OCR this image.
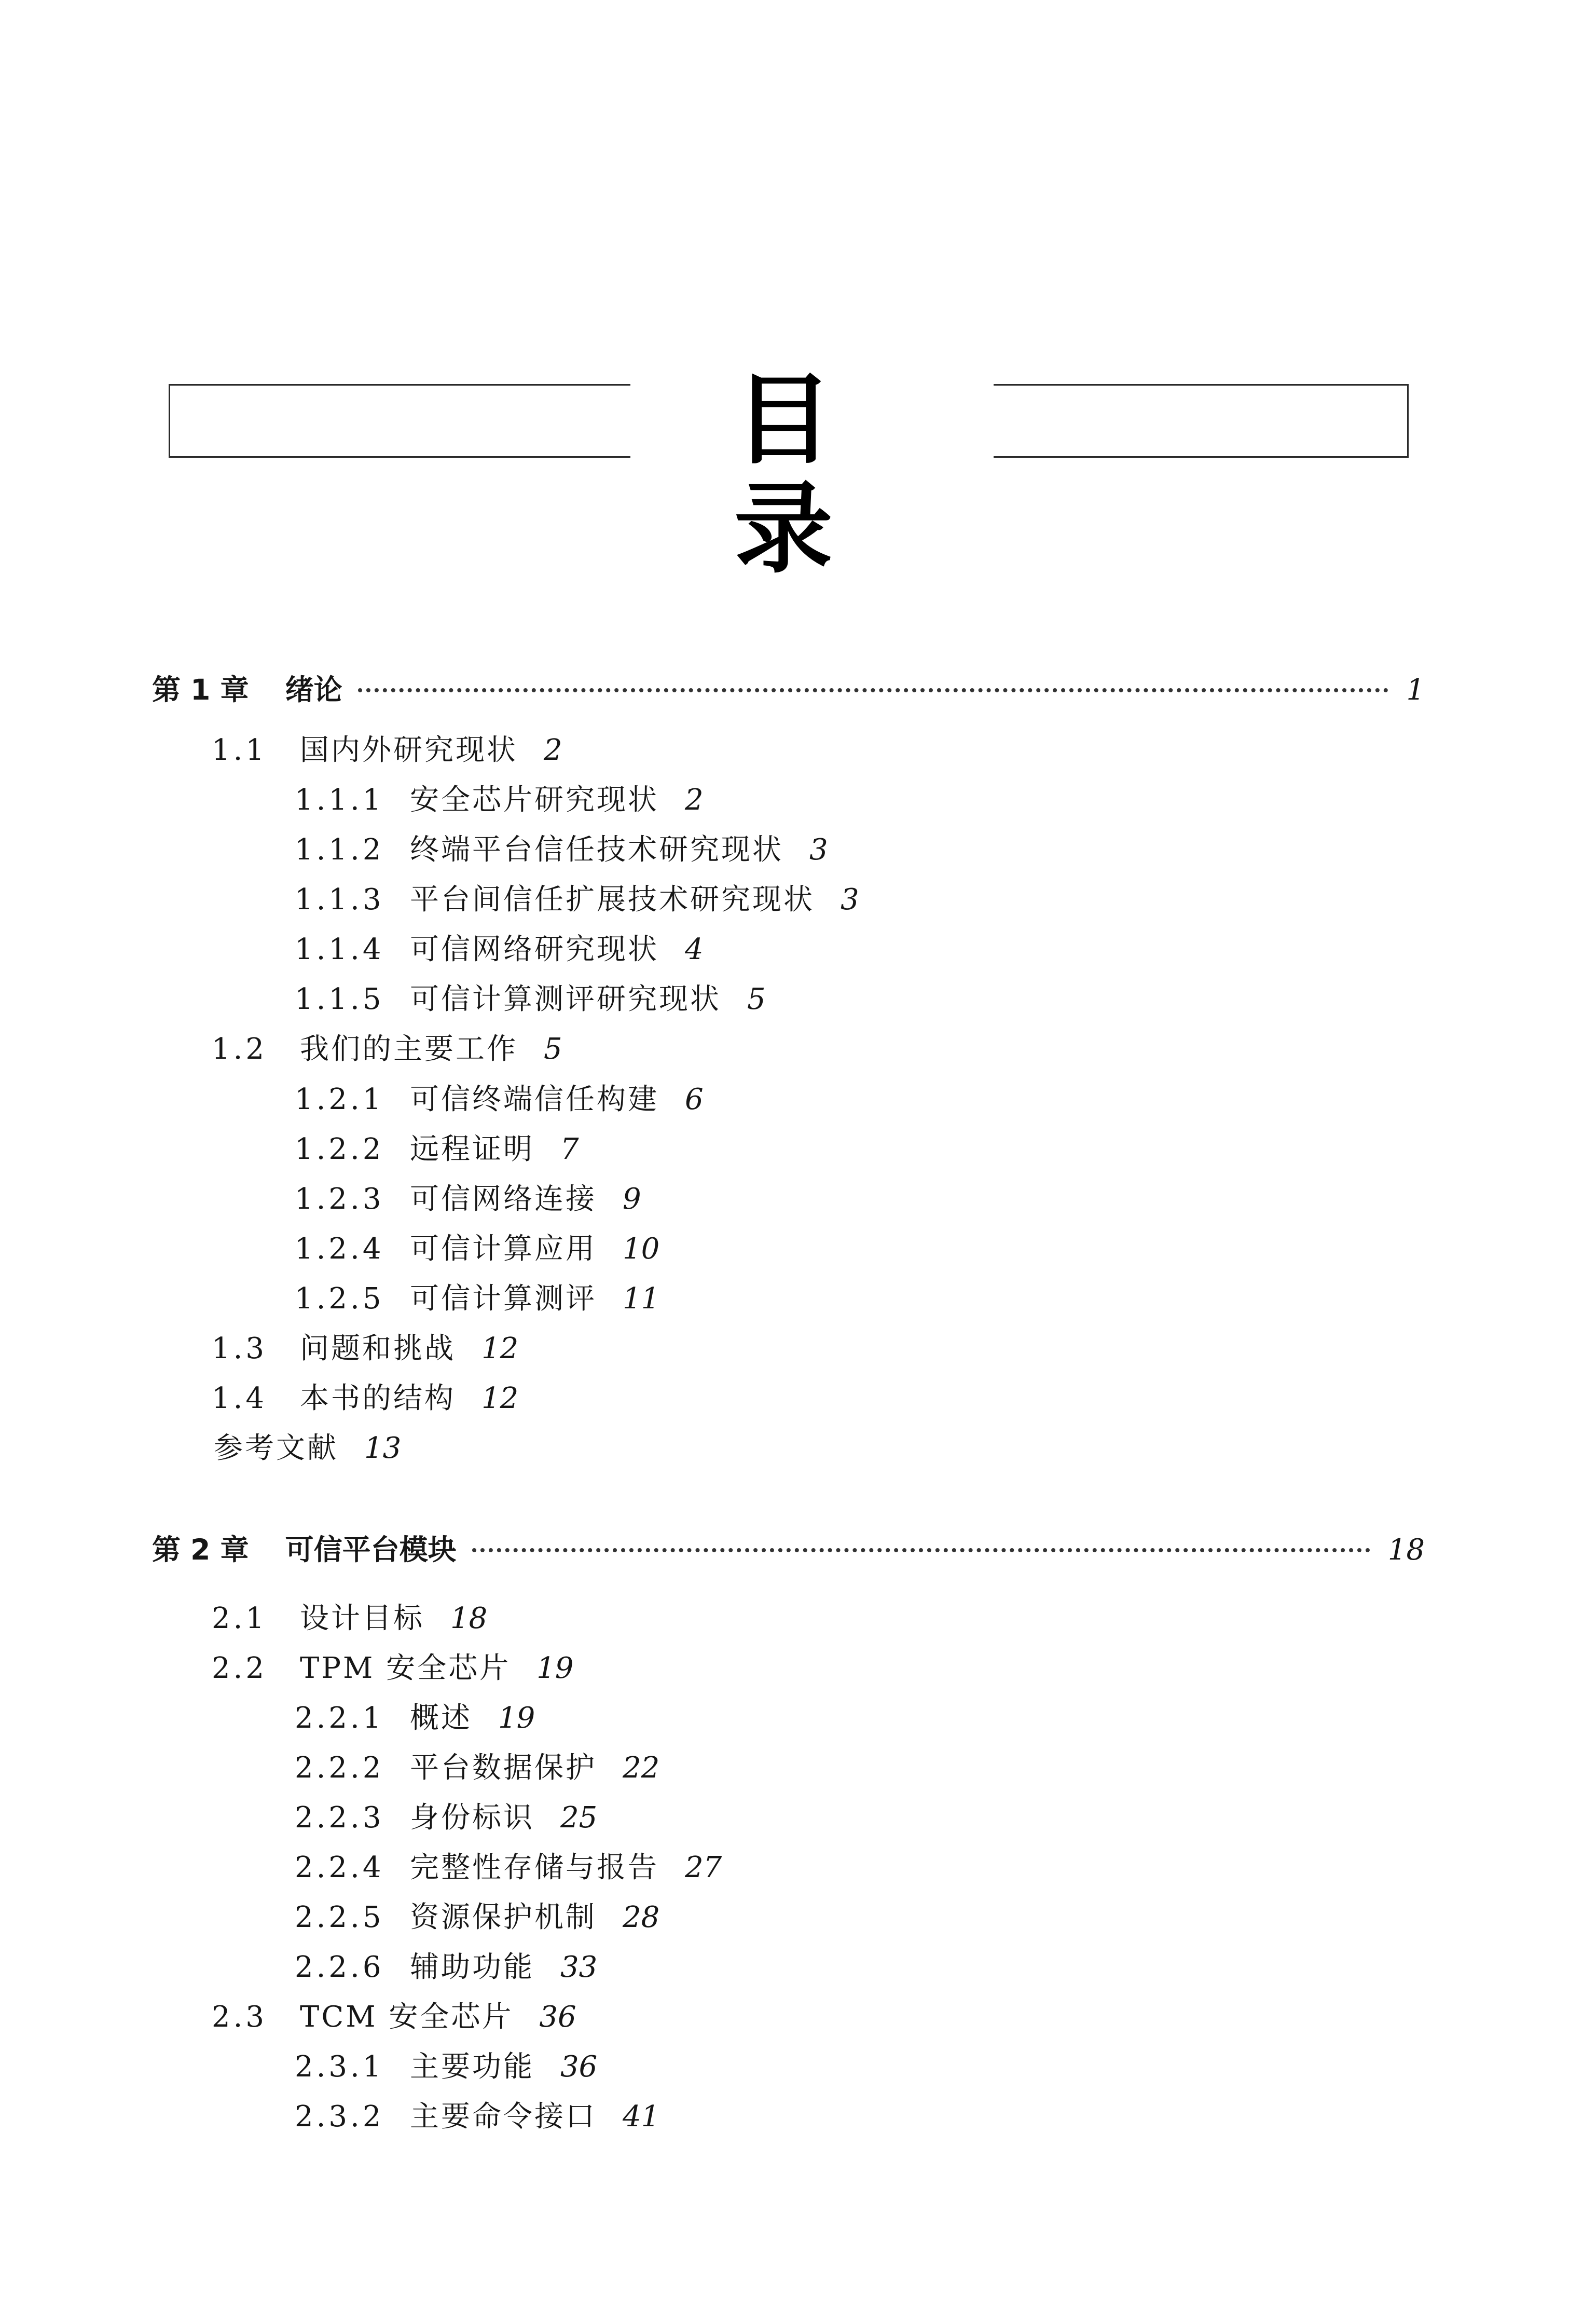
目 录
第 1 章 绪论	1
1.1 国内外研究现状 2
1.1.1 安全芯片研究现状 2
1.1.2 终端平台信任技术研究现状 3
1.1.3 平台间信任扩展技术研究现状 3
1.1.4 可信网络研究现状 4
1.1.5 可信计算测评研究现状 5
1.2 我们的主要工作 5
1.2.1 可信终端信任构建 6
1.2.2 远程证明 7
1.2.3 可信网络连接 9
1.2.4 可信计算应用 10
1.2.5 可信计算测评 11
1.3 问题和挑战 12
1.4 本书的结构 12
参考文献 13
第 2 章 可信平台模块	18
2.1 设计目标 18
2.2 TPM 安全芯片 19
2.2.1 概述 19
2.2.2 平台数据保护 22
2.2.3 身份标识 25
2.2.4 完整性存储与报告 27
2.2.5 资源保护机制 28
2.2.6 辅助功能 33
2.3 TCM 安全芯片 36
2.3.1 主要功能 36
2.3.2 主要命令接口 41
